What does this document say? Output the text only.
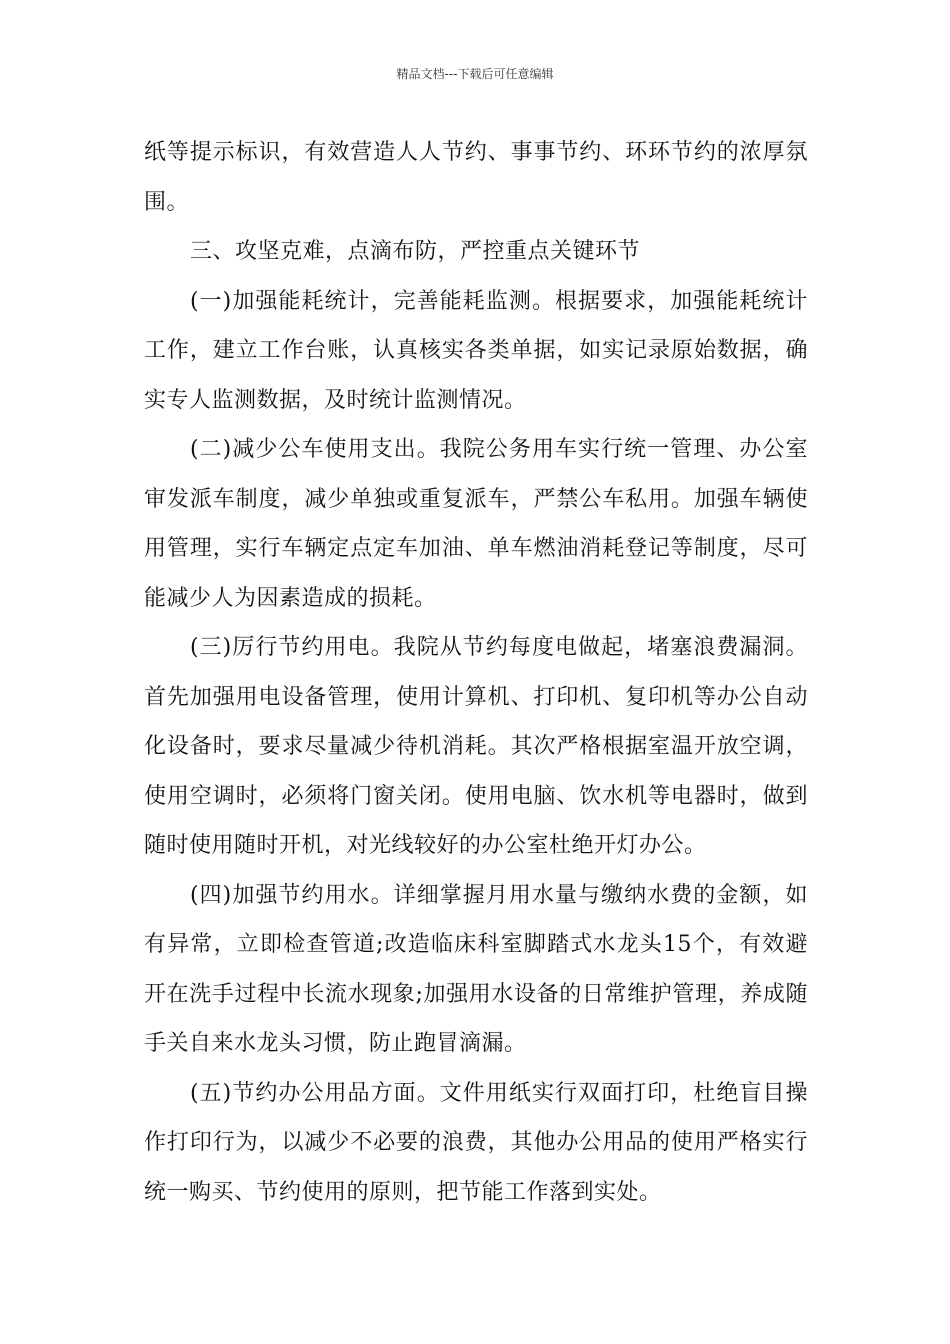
精品文档---下载后可任意编辑

纸等提示标识，有效营造人人节约、事事节约、环环节约的浓厚氛围。

三、攻坚克难，点滴布防，严控重点关键环节

(一)加强能耗统计，完善能耗监测。根据要求，加强能耗统计工作，建立工作台账，认真核实各类单据，如实记录原始数据，确实专人监测数据，及时统计监测情况。

(二)减少公车使用支出。我院公务用车实行统一管理、办公室审发派车制度，减少单独或重复派车，严禁公车私用。加强车辆使用管理，实行车辆定点定车加油、单车燃油消耗登记等制度，尽可能减少人为因素造成的损耗。

(三)厉行节约用电。我院从节约每度电做起，堵塞浪费漏洞。首先加强用电设备管理，使用计算机、打印机、复印机等办公自动化设备时，要求尽量减少待机消耗。其次严格根据室温开放空调，使用空调时，必须将门窗关闭。使用电脑、饮水机等电器时，做到随时使用随时开机，对光线较好的办公室杜绝开灯办公。

(四)加强节约用水。详细掌握月用水量与缴纳水费的金额，如有异常，立即检查管道;改造临床科室脚踏式水龙头15个，有效避开在洗手过程中长流水现象;加强用水设备的日常维护管理，养成随手关自来水龙头习惯，防止跑冒滴漏。

(五)节约办公用品方面。文件用纸实行双面打印，杜绝盲目操作打印行为，以减少不必要的浪费，其他办公用品的使用严格实行统一购买、节约使用的原则，把节能工作落到实处。
